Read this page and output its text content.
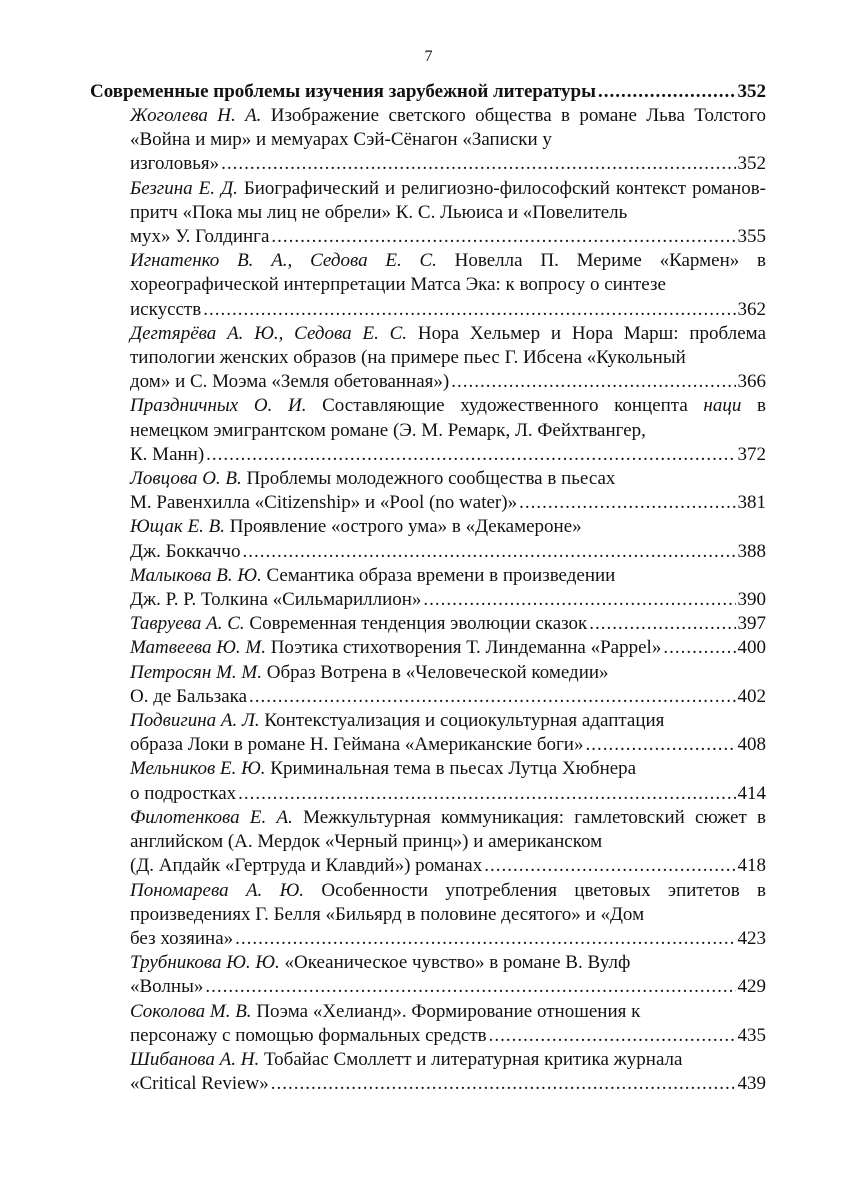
7
Современные проблемы изучения зарубежной литературы .....	352
Жоголева Н. А. Изображение светского общества в романе Льва Толстого «Война и мир» и мемуарах Сэй-Сёнагон «Записки у
изголовья» .....	352
Безгина Е. Д. Биографический и религиозно-философский контекст романов-притч «Пока мы лиц не обрели» К. С. Льюиса и «Повелитель
мух» У. Голдинга .....	355
Игнатенко В. А., Седова Е. С. Новелла П. Мериме «Кармен» в хореографической интерпретации Матса Эка: к вопросу о синтезе
искусств .....	362
Дегтярёва А. Ю., Седова Е. С. Нора Хельмер и Нора Марш: проблема типологии женских образов (на примере пьес Г. Ибсена «Кукольный
дом» и С. Моэма «Земля обетованная») .....	366
Праздничных О. И. Составляющие художественного концепта наци в немецком эмигрантском романе (Э. М. Ремарк, Л. Фейхтвангер,
К. Манн) .....	372
Ловцова О. В. Проблемы молодежного сообщества в пьесах
М. Равенхилла «Citizenship» и «Pool (no water)» .....	381
Ющак Е. В. Проявление «острого ума» в «Декамероне»
Дж. Боккаччо .....	388
Малыкова В. Ю. Семантика образа времени в произведении
Дж. Р. Р. Толкина «Сильмариллион» .....	390
Тавруева А. С.
Современная тенденция эволюции сказок .....	397
Матвеева Ю. М.
Поэтика стихотворения Т. Линдеманна «Pappel» .....	400
Петросян М. М. Образ Вотрена в «Человеческой комедии»
О. де Бальзака .....	402
Подвигина А. Л. Контекстуализация и социокультурная адаптация
образа Локи в романе Н. Геймана «Американские боги» .....	408
Мельников Е. Ю. Криминальная тема в пьесах Лутца Хюбнера
о подростках .....	414
Филотенкова Е. А. Межкультурная коммуникация: гамлетовский сюжет в английском (А. Мердок «Черный принц») и американском
(Д. Апдайк «Гертруда и Клавдий») романах .....	418
Пономарева А. Ю. Особенности употребления цветовых эпитетов в произведениях Г. Белля «Бильярд в половине десятого» и «Дом
без хозяина» .....	423
Трубникова Ю. Ю. «Океаническое чувство» в романе В. Вулф
«Волны» .....	429
Соколова М. В. Поэма «Хелианд». Формирование отношения к
персонажу с помощью формальных средств .....	435
Шибанова А. Н. Тобайас Смоллетт и литературная критика журнала
«Critical Review» .....	439
